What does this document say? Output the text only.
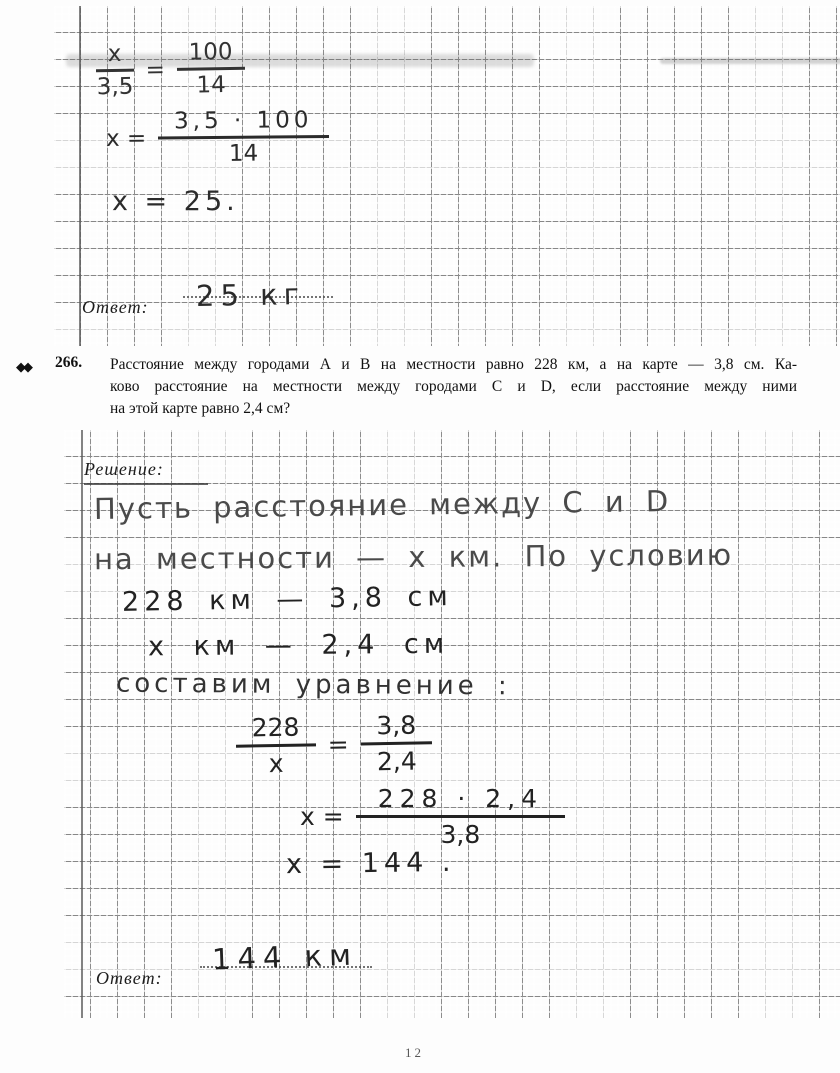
$\frac{x}{3,5} = \frac{100}{14}$
$x = \frac{3,5 \cdot 100}{14}$
x = 25.
Ответ: 25 кг
◆◆ 266. Расстояние между городами А и В на местности равно 228 км, а на карте — 3,8 см. Ка-
ково расстояние на местности между городами С и D, если расстояние между ними
на этой карте равно 2,4 см?
Решение:
Пусть расстояние между C и D
на местности — x км. По условию
228 км — 3,8 см
x км — 2,4 см
составим уравнение :
$\frac{228}{x} = \frac{3,8}{2,4}$
$x = \frac{228 \cdot 2,4}{3,8}$
x = 144 .
Ответ:
144 км
12
